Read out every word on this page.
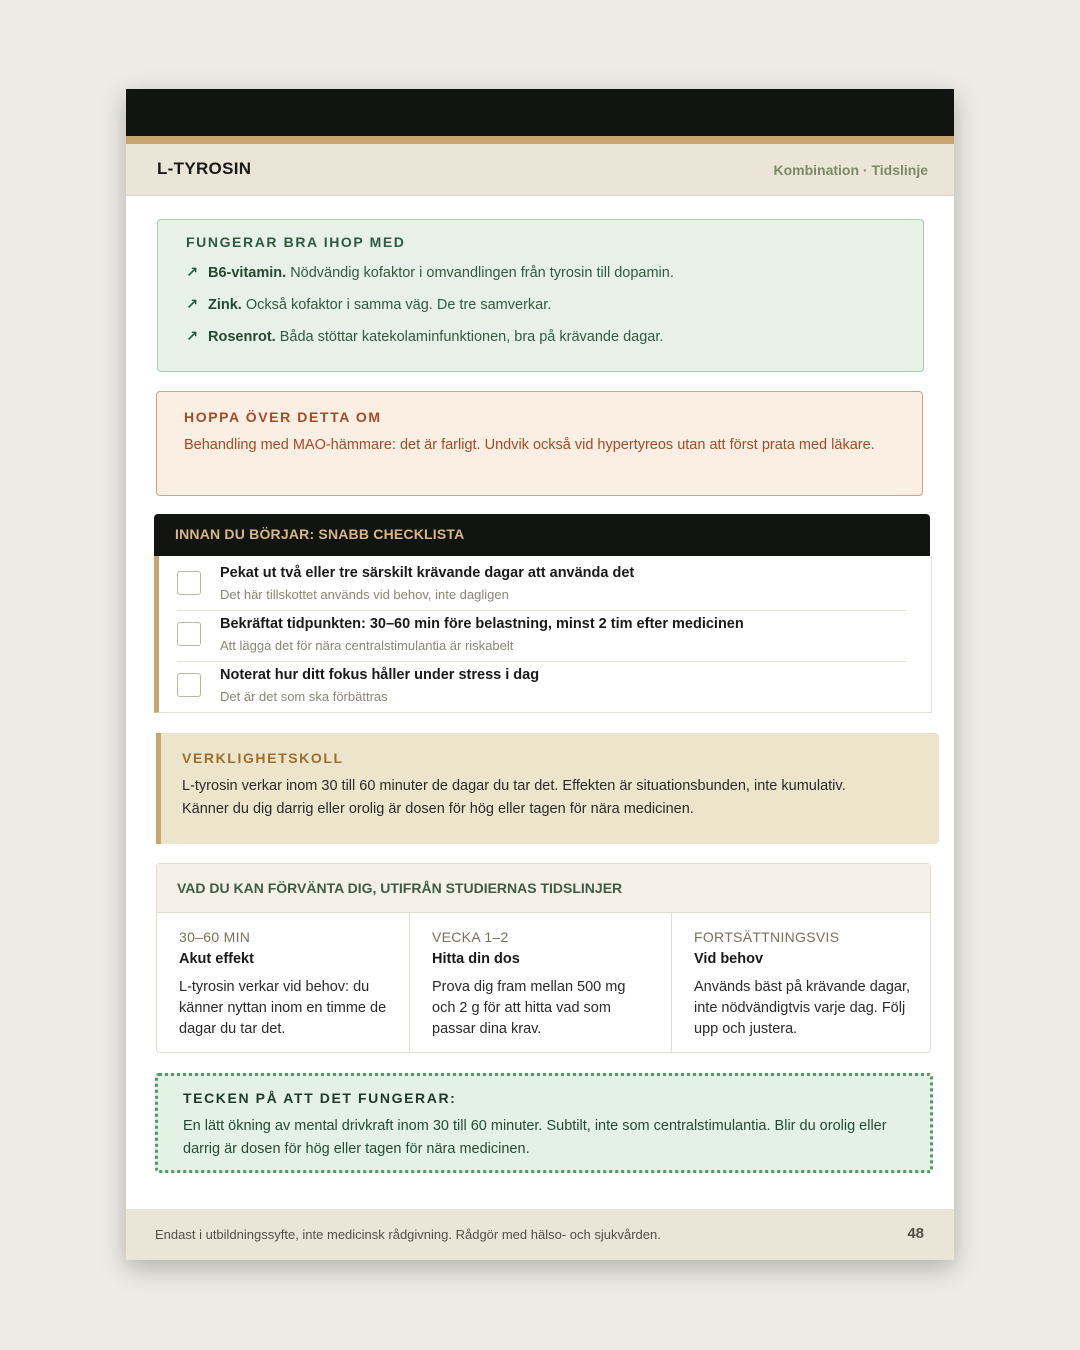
L-TYROSIN	Kombination · Tidslinje
FUNGERAR BRA IHOP MED
↗ B6-vitamin. Nödvändig kofaktor i omvandlingen från tyrosin till dopamin.
↗ Zink. Också kofaktor i samma väg. De tre samverkar.
↗ Rosenrot. Båda stöttar katekolaminfunktionen, bra på krävande dagar.
HOPPA ÖVER DETTA OM
Behandling med MAO-hämmare: det är farligt. Undvik också vid hypertyreos utan att först prata med läkare.
INNAN DU BÖRJAR: SNABB CHECKLISTA
Pekat ut två eller tre särskilt krävande dagar att använda det
Det här tillskottet används vid behov, inte dagligen
Bekräftat tidpunkten: 30–60 min före belastning, minst 2 tim efter medicinen
Att lägga det för nära centralstimulantia är riskabelt
Noterat hur ditt fokus håller under stress i dag
Det är det som ska förbättras
VERKLIGHETSKOLL
L-tyrosin verkar inom 30 till 60 minuter de dagar du tar det. Effekten är situationsbunden, inte kumulativ. Känner du dig darrig eller orolig är dosen för hög eller tagen för nära medicinen.
VAD DU KAN FÖRVÄNTA DIG, UTIFRÅN STUDIERNAS TIDSLINJER
30–60 MIN
Akut effekt
L-tyrosin verkar vid behov: du känner nyttan inom en timme de dagar du tar det.
VECKA 1–2
Hitta din dos
Prova dig fram mellan 500 mg och 2 g för att hitta vad som passar dina krav.
FORTSÄTTNINGSVIS
Vid behov
Används bäst på krävande dagar, inte nödvändigtvis varje dag. Följ upp och justera.
TECKEN PÅ ATT DET FUNGERAR:
En lätt ökning av mental drivkraft inom 30 till 60 minuter. Subtilt, inte som centralstimulantia. Blir du orolig eller darrig är dosen för hög eller tagen för nära medicinen.
Endast i utbildningssyfte, inte medicinsk rådgivning. Rådgör med hälso- och sjukvården.	48
